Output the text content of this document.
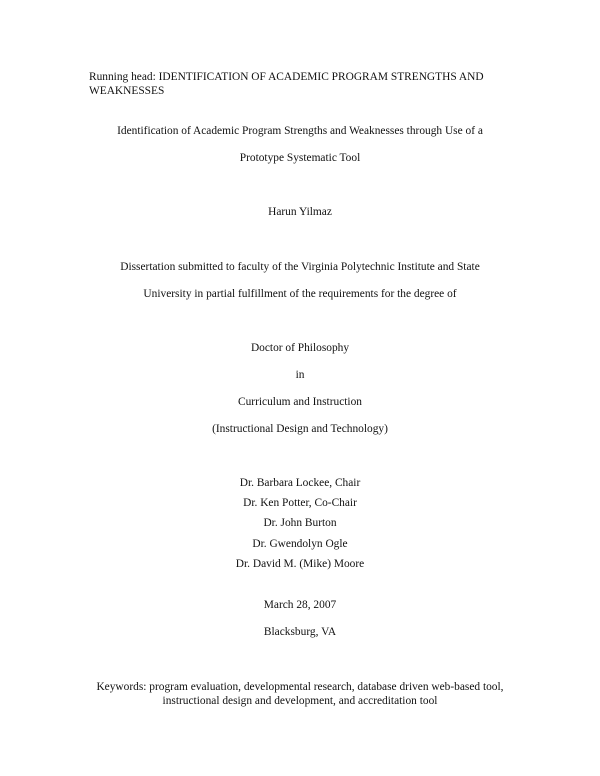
Running head: IDENTIFICATION OF ACADEMIC PROGRAM STRENGTHS AND
WEAKNESSES
Identification of Academic Program Strengths and Weaknesses through Use of a
Prototype Systematic Tool
Harun Yilmaz
Dissertation submitted to faculty of the Virginia Polytechnic Institute and State
University in partial fulfillment of the requirements for the degree of
Doctor of Philosophy
in
Curriculum and Instruction
(Instructional Design and Technology)
Dr. Barbara Lockee, Chair
Dr. Ken Potter, Co-Chair
Dr. John Burton
Dr. Gwendolyn Ogle
Dr. David M. (Mike) Moore
March 28, 2007
Blacksburg, VA
Keywords: program evaluation, developmental research, database driven web-based tool,
instructional design and development, and accreditation tool
